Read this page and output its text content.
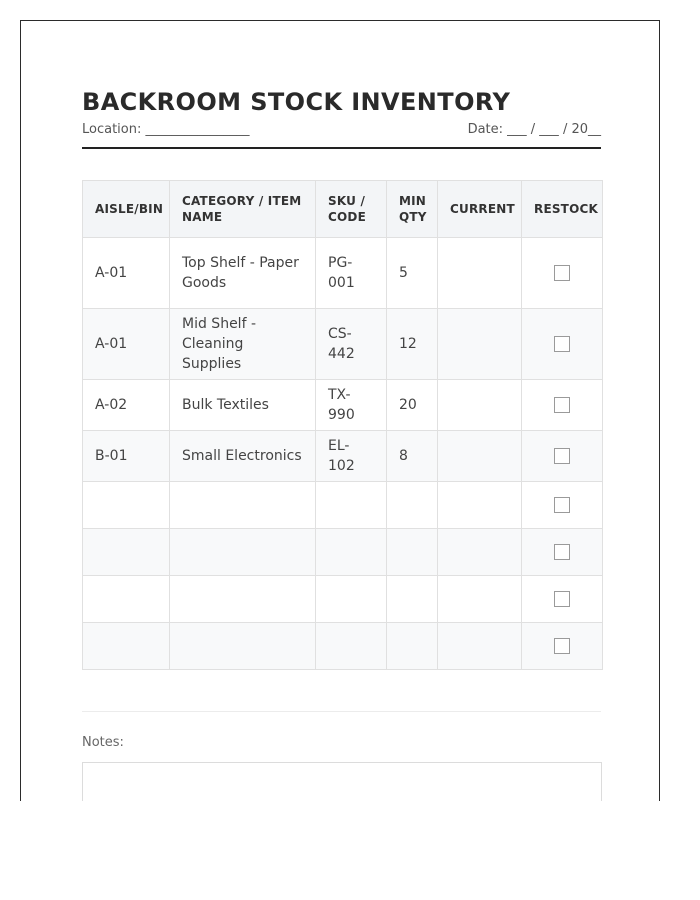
BACKROOM STOCK INVENTORY
Location: ________________	Date: ___ / ___ / 20__
AISLE/BIN	CATEGORY / ITEM NAME	SKU / CODE	MIN QTY	CURRENT	RESTOCK
A-01	Top Shelf - Paper Goods	PG-001	5		
A-01	Mid Shelf - Cleaning Supplies	CS-442	12		
A-02	Bulk Textiles	TX-990	20		
B-01	Small Electronics	EL-102	8		

Notes:
